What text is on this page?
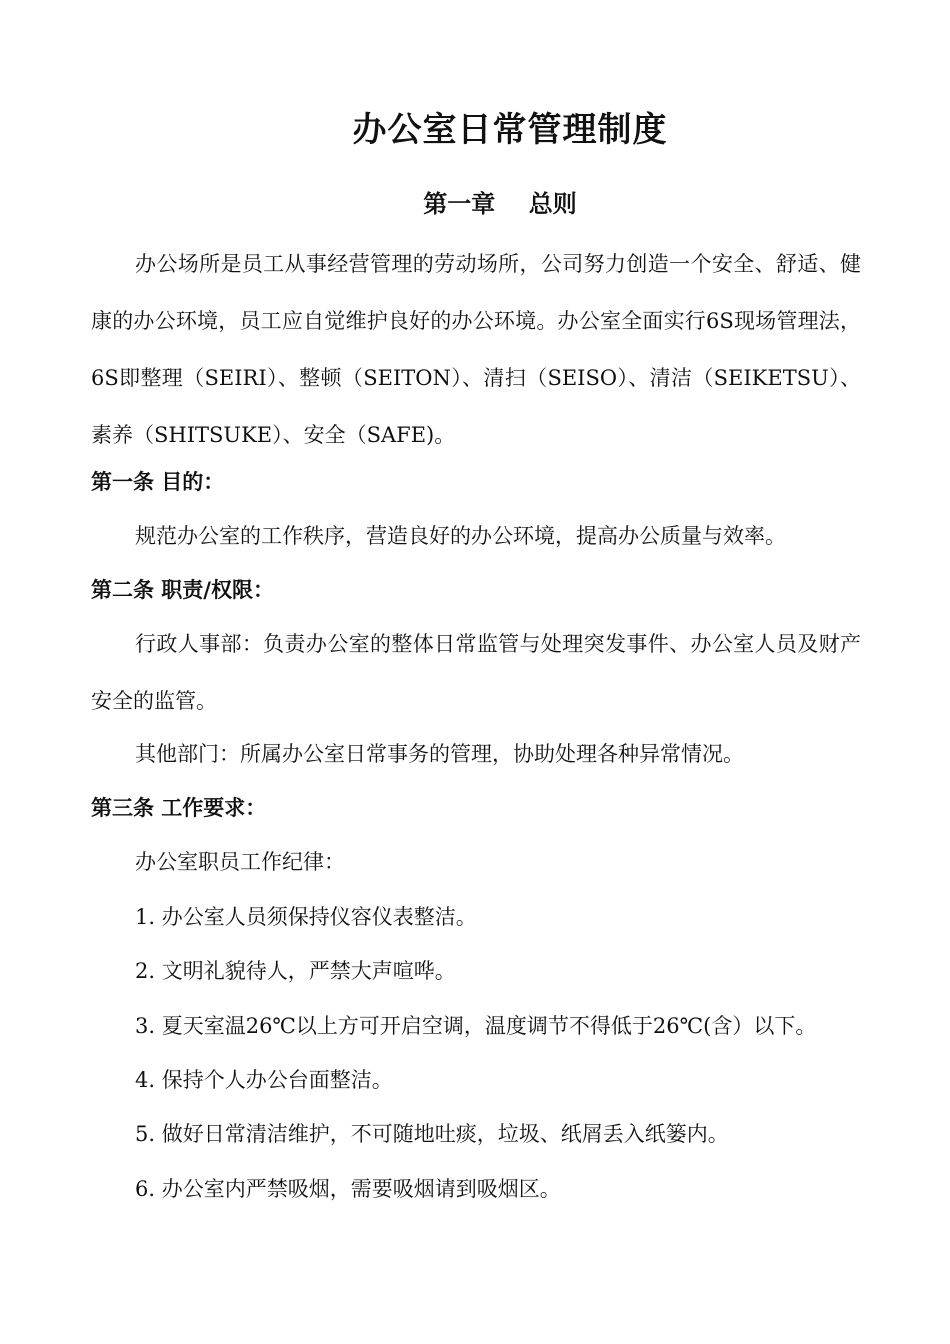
办公室日常管理制度
第一章    总则

办公场所是员工从事经营管理的劳动场所，公司努力创造一个安全、舒适、健康的办公环境，员工应自觉维护良好的办公环境。办公室全面实行6S现场管理法，6S即整理（SEIRI）、整顿（SEITON）、清扫（SEISO）、清洁（SEIKETSU）、素养（SHITSUKE）、安全（SAFE)。

第一条 目的：

规范办公室的工作秩序，营造良好的办公环境，提高办公质量与效率。

第二条 职责/权限：

行政人事部：负责办公室的整体日常监管与处理突发事件、办公室人员及财产安全的监管。

其他部门：所属办公室日常事务的管理，协助处理各种异常情况。

第三条 工作要求：

办公室职员工作纪律：

1. 办公室人员须保持仪容仪表整洁。

2. 文明礼貌待人，严禁大声喧哗。

3. 夏天室温26℃以上方可开启空调，温度调节不得低于26℃(含）以下。

4. 保持个人办公台面整洁。

5. 做好日常清洁维护，不可随地吐痰，垃圾、纸屑丢入纸篓内。

6. 办公室内严禁吸烟，需要吸烟请到吸烟区。
